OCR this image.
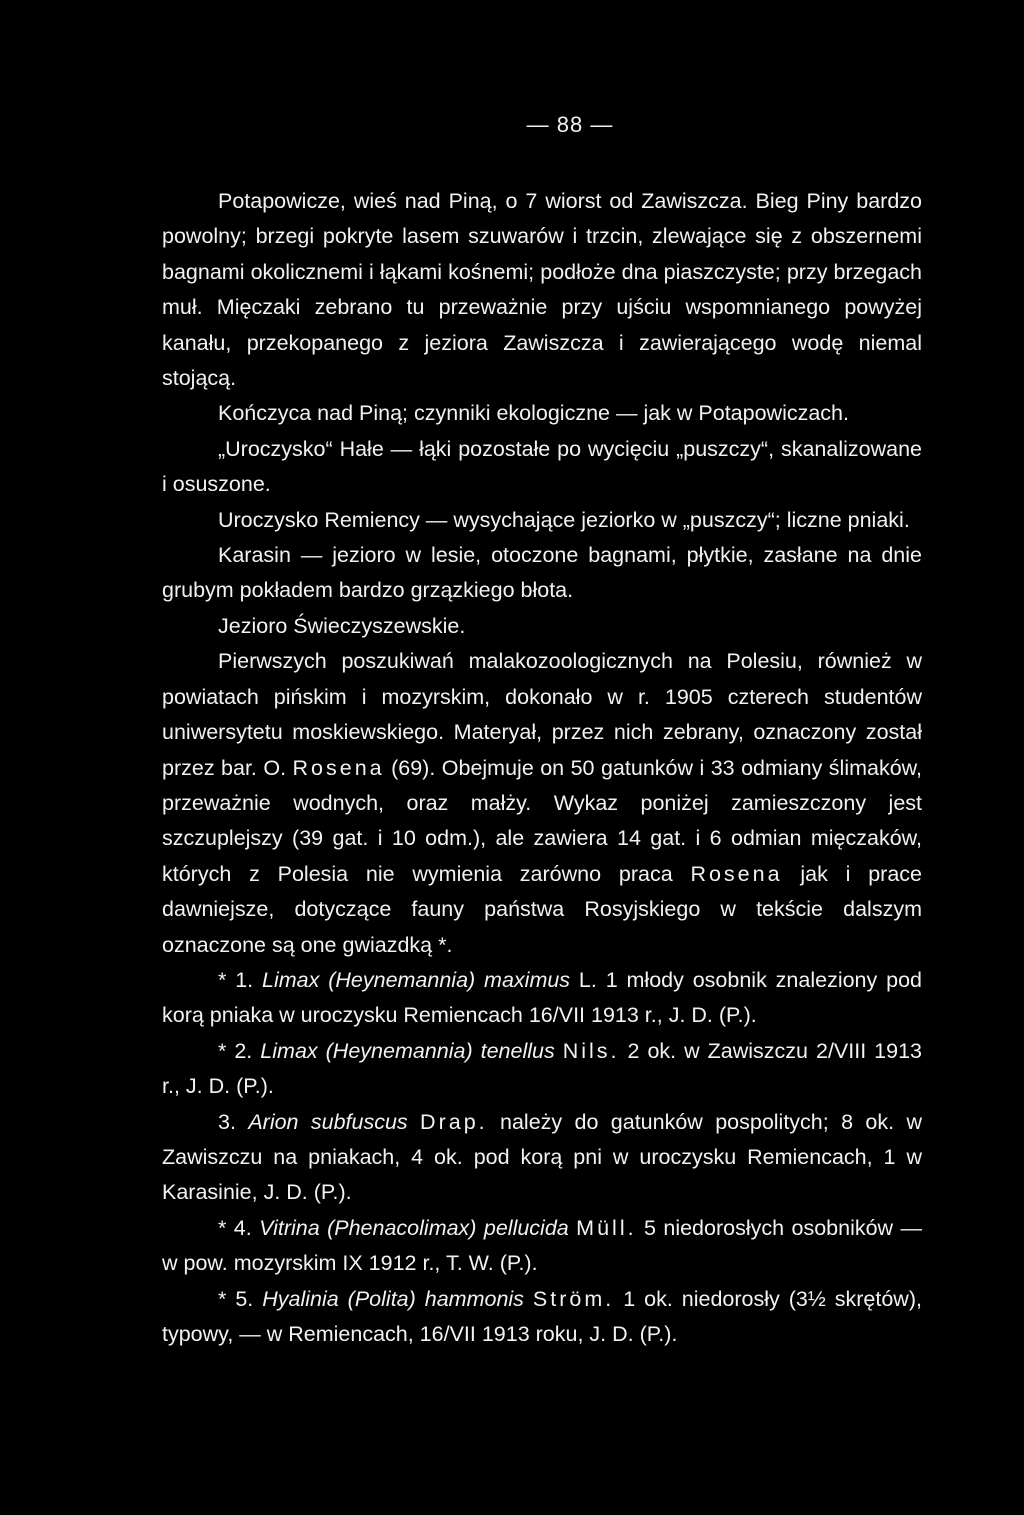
— 88 —

Potapowicze, wieś nad Piną, o 7 wiorst od Zawiszcza. Bieg Piny bardzo powolny; brzegi pokryte lasem szuwarów i trzcin, zlewające się z obszernemi bagnami okolicznemi i łąkami kośnemi; podłoże dna piaszczyste; przy brzegach muł. Mięczaki zebrano tu przeważnie przy ujściu wspomnianego powyżej kanału, przekopanego z jeziora Zawiszcza i zawierającego wodę niemal stojącą.

Kończyca nad Piną; czynniki ekologiczne — jak w Potapowiczach.

„Uroczysko“ Hałe — łąki pozostałe po wycięciu „puszczy“, skanalizowane i osuszone.

Uroczysko Remiency — wysychające jeziorko w „puszczy“; liczne pniaki.

Karasin — jezioro w lesie, otoczone bagnami, płytkie, zasłane na dnie grubym pokładem bardzo grzązkiego błota.

Jezioro Świeczyszewskie.

Pierwszych poszukiwań malakozoologicznych na Polesiu, również w powiatach pińskim i mozyrskim, dokonało w r. 1905 czterech studentów uniwersytetu moskiewskiego. Materyał, przez nich zebrany, oznaczony został przez bar. O. Rosena (69). Obejmuje on 50 gatunków i 33 odmiany ślimaków, przeważnie wodnych, oraz małży. Wykaz poniżej zamieszczony jest szczuplejszy (39 gat. i 10 odm.), ale zawiera 14 gat. i 6 odmian mięczaków, których z Polesia nie wymienia zarówno praca Rosena jak i prace dawniejsze, dotyczące fauny państwa Rosyjskiego w tekście dalszym oznaczone są one gwiazdką *.

* 1. Limax (Heynemannia) maximus L. 1 młody osobnik znaleziony pod korą pniaka w uroczysku Remiencach 16/VII 1913 r., J. D. (P.).

* 2. Limax (Heynemannia) tenellus Nils. 2 ok. w Zawiszczu 2/VIII 1913 r., J. D. (P.).

3. Arion subfuscus Drap. należy do gatunków pospolitych; 8 ok. w Zawiszczu na pniakach, 4 ok. pod korą pni w uroczysku Remiencach, 1 w Karasinie, J. D. (P.).

* 4. Vitrina (Phenacolimax) pellucida Müll. 5 niedorosłych osobników — w pow. mozyrskim IX 1912 r., T. W. (P.).

* 5. Hyalinia (Polita) hammonis Ström. 1 ok. niedorosły (3½ skrętów), typowy, — w Remiencach, 16/VII 1913 roku, J. D. (P.).
